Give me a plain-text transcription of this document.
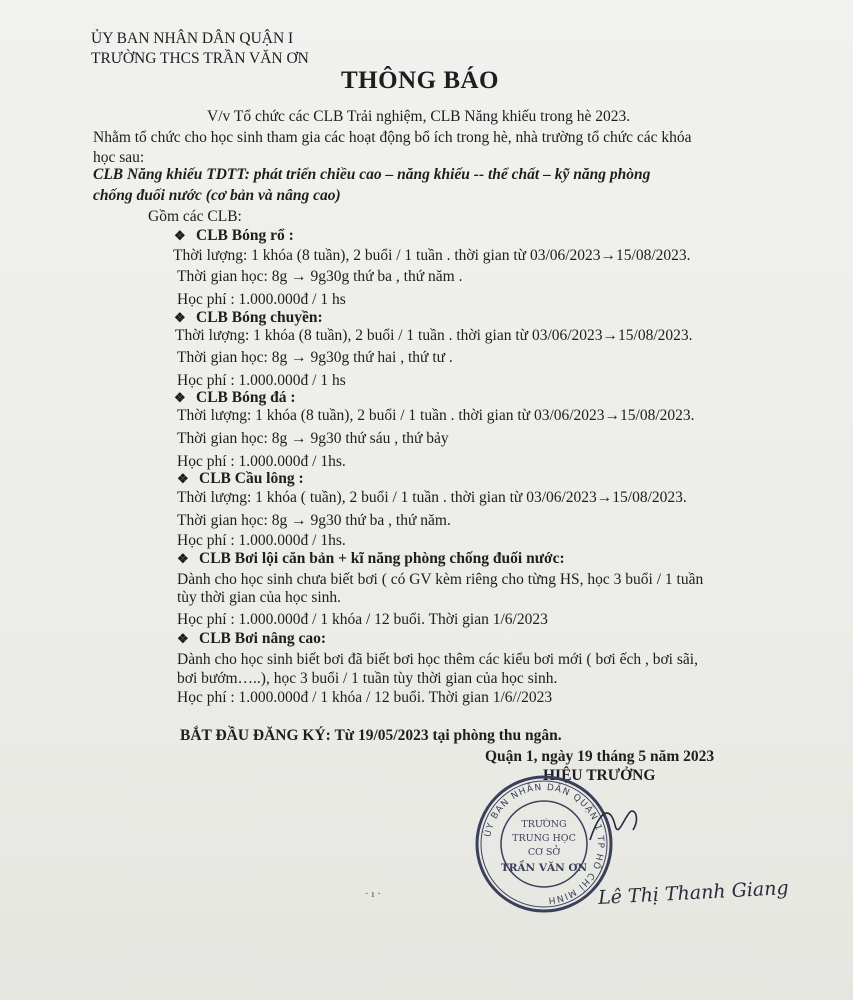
ỦY BAN NHÂN DÂN QUẬN I
TRƯỜNG THCS TRẦN VĂN ƠN
THÔNG BÁO
V/v Tổ chức các CLB Trải nghiệm, CLB Năng khiếu trong hè 2023.
Nhằm tổ chức cho học sinh tham gia các hoạt động bổ ích trong hè, nhà trường tổ chức các khóa
học sau:
CLB Năng khiếu TDTT: phát triển chiều cao – năng khiếu -- thể chất – kỹ năng phòng
chống đuối nước (cơ bản và nâng cao)
Gồm các CLB:
❖ CLB Bóng rổ :
Thời lượng: 1 khóa (8 tuần), 2 buổi / 1 tuần . thời gian từ 03/06/2023→15/08/2023.
Thời gian học: 8g → 9g30g thứ ba , thứ năm .
Học phí : 1.000.000đ / 1 hs
❖ CLB Bóng chuyền:
Thời lượng: 1 khóa (8 tuần), 2 buổi / 1 tuần . thời gian từ 03/06/2023→15/08/2023.
Thời gian học: 8g → 9g30g thứ hai , thứ tư .
Học phí : 1.000.000đ / 1 hs
❖ CLB Bóng đá :
Thời lượng: 1 khóa (8 tuần), 2 buổi / 1 tuần . thời gian từ 03/06/2023→15/08/2023.
Thời gian học: 8g → 9g30 thứ sáu , thứ bảy
Học phí : 1.000.000đ / 1hs.
❖ CLB Cầu lông :
Thời lượng: 1 khóa ( tuần), 2 buổi / 1 tuần . thời gian từ 03/06/2023→15/08/2023.
Thời gian học: 8g → 9g30 thứ ba , thứ năm.
Học phí : 1.000.000đ / 1hs.
❖ CLB Bơi lội căn bản + kĩ năng phòng chống đuối nước:
Dành cho học sinh chưa biết bơi ( có GV kèm riêng cho từng HS, học 3 buổi / 1 tuần
tùy thời gian của học sinh.
Học phí : 1.000.000đ / 1 khóa / 12 buổi. Thời gian 1/6/2023
❖ CLB Bơi nâng cao:
Dành cho học sinh biết bơi đã biết bơi học thêm các kiểu bơi mới ( bơi ếch , bơi sãi,
bơi bướm…..), học 3 buổi / 1 tuần tùy thời gian của học sinh.
Học phí : 1.000.000đ / 1 khóa / 12 buổi. Thời gian 1/6//2023
BẮT ĐẦU ĐĂNG KÝ: Từ 19/05/2023 tại phòng thu ngân.
Quận 1, ngày 19 tháng 5 năm 2023
HIỆU TRƯỞNG
ỦY BAN NHÂN DÂN QUẬN 1 TP HỒ CHÍ MINH
TRƯỜNG
TRUNG HỌC
CƠ SỞ
TRẦN VĂN ƠN
Lê Thị Thanh Giang
· ı ·
